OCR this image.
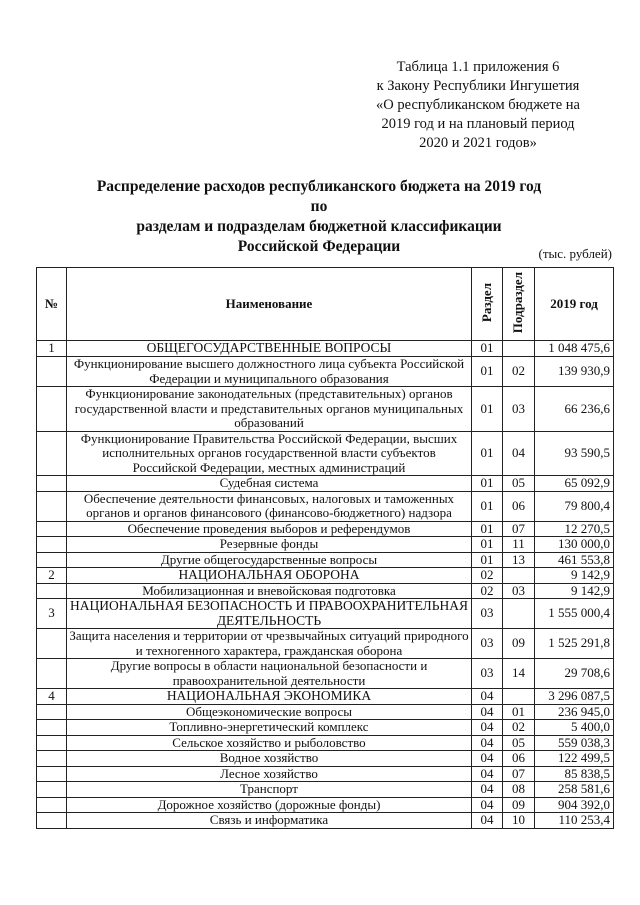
Таблица 1.1 приложения 6
к Закону Республики Ингушетия
«О республиканском бюджете на
2019 год и на плановый период
2020 и 2021 годов»
Распределение расходов республиканского бюджета на 2019 год по
разделам и подразделам бюджетной классификации
Российской Федерации	(тыс. рублей)
№	Наименование	Раздел	Подраздел	2019 год
1	ОБЩЕГОСУДАРСТВЕННЫЕ ВОПРОСЫ	01		1 048 475,6
	Функционирование высшего должностного лица субъекта Российской Федерации и муниципального образования	01	02	139 930,9
	Функционирование законодательных (представительных) органов государственной власти и представительных органов муниципальных образований	01	03	66 236,6
	Функционирование Правительства Российской Федерации, высших исполнительных органов государственной власти субъектов Российской Федерации, местных администраций	01	04	93 590,5
	Судебная система	01	05	65 092,9
	Обеспечение деятельности финансовых, налоговых и таможенных органов и органов финансового (финансово-бюджетного) надзора	01	06	79 800,4
	Обеспечение проведения выборов и референдумов	01	07	12 270,5
	Резервные фонды	01	11	130 000,0
	Другие общегосударственные вопросы	01	13	461 553,8
2	НАЦИОНАЛЬНАЯ ОБОРОНА	02		9 142,9
	Мобилизационная и вневойсковая подготовка	02	03	9 142,9
3	НАЦИОНАЛЬНАЯ БЕЗОПАСНОСТЬ И ПРАВООХРАНИТЕЛЬНАЯ ДЕЯТЕЛЬНОСТЬ	03		1 555 000,4
	Защита населения и территории от чрезвычайных ситуаций природного и техногенного характера, гражданская оборона	03	09	1 525 291,8
	Другие вопросы в области национальной безопасности и правоохранительной деятельности	03	14	29 708,6
4	НАЦИОНАЛЬНАЯ ЭКОНОМИКА	04		3 296 087,5
	Общеэкономические вопросы	04	01	236 945,0
	Топливно-энергетический комплекс	04	02	5 400,0
	Сельское хозяйство и рыболовство	04	05	559 038,3
	Водное хозяйство	04	06	122 499,5
	Лесное хозяйство	04	07	85 838,5
	Транспорт	04	08	258 581,6
	Дорожное хозяйство (дорожные фонды)	04	09	904 392,0
	Связь и информатика	04	10	110 253,4
